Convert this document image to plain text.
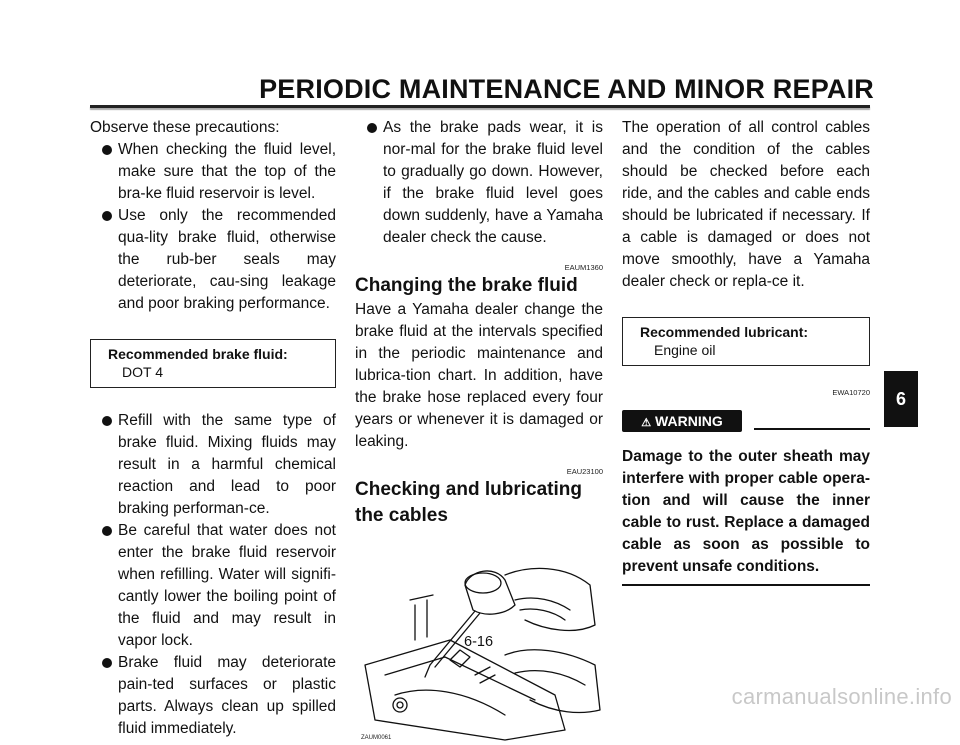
PERIODIC MAINTENANCE AND MINOR REPAIR

Observe these precautions:

When checking the fluid level, make sure that the top of the bra-ke fluid reservoir is level.
Use only the recommended qua-lity brake fluid, otherwise the rub-ber seals may deteriorate, cau-sing leakage and poor braking performance.
Recommended brake fluid:
DOT 4
Refill with the same type of brake fluid. Mixing fluids may result in a harmful chemical reaction and lead to poor braking performan-ce.
Be careful that water does not enter the brake fluid reservoir when refilling. Water will signifi-cantly lower the boiling point of the fluid and may result in vapor lock.
Brake fluid may deteriorate pain-ted surfaces or plastic parts. Always clean up spilled fluid immediately.
As the brake pads wear, it is nor-mal for the brake fluid level to gradually go down. However, if the brake fluid level goes down suddenly, have a Yamaha dealer check the cause.
EAUM1360
Changing the brake fluid

Have a Yamaha dealer change the brake fluid at the intervals specified in the periodic maintenance and lubrica-tion chart. In addition, have the brake hose replaced every four years or whenever it is damaged or leaking.

EAU23100
Checking and lubricating the cables
ZAUM0061

The operation of all control cables and the condition of the cables should be checked before each ride, and the cables and cable ends should be lubricated if necessary. If a cable is damaged or does not move smoothly, have a Yamaha dealer check or repla-ce it.

Recommended lubricant:
Engine oil
EWA10720
⚠ WARNING
Damage to the outer sheath may interfere with proper cable opera-tion and will cause the inner cable to rust. Replace a damaged cable as soon as possible to prevent unsafe conditions.
6
6-16
carmanualsonline.info
